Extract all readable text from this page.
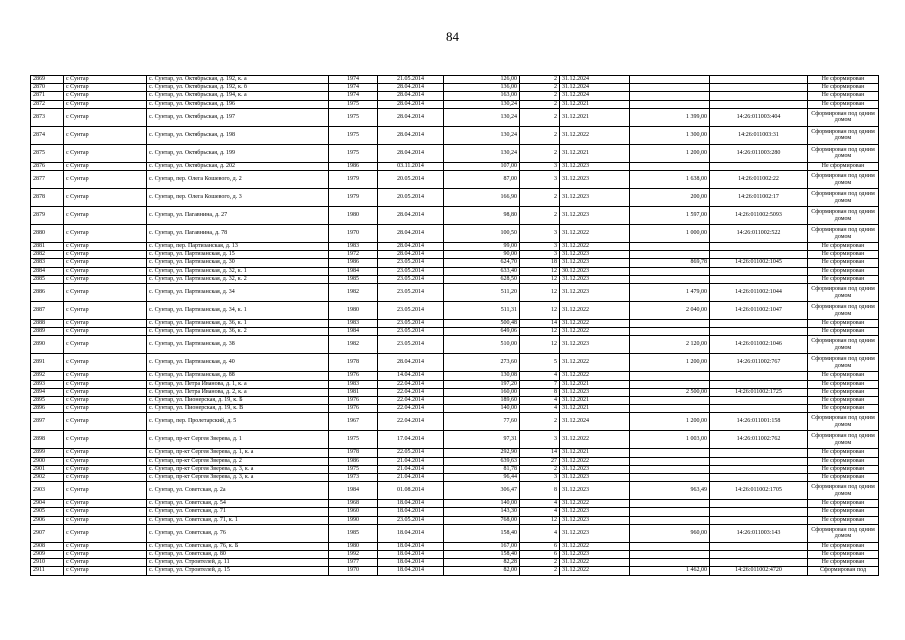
84
2869	с Сунтар	с. Сунтар, ул. Октябрьская, д. 192, к. а	1974	21.05.2014	126,00	2	31.12.2024			Не сформирован
2870	с Сунтар	с. Сунтар, ул. Октябрьская, д. 192, к. б	1974	28.04.2014	136,00	2	31.12.2024			Не сформирован
2871	с Сунтар	с. Сунтар, ул. Октябрьская, д. 194, к. а	1974	28.04.2014	163,00	2	31.12.2024			Не сформирован
2872	с Сунтар	с. Сунтар, ул. Октябрьская, д. 196	1975	28.04.2014	130,24	2	31.12.2021			Не сформирован
2873	с Сунтар	с. Сунтар, ул. Октябрьская, д. 197	1975	28.04.2014	130,24	2	31.12.2021	1 399,00	14:26:011003:404	Сформирован под одним домом
2874	с Сунтар	с. Сунтар, ул. Октябрьская, д. 198	1975	28.04.2014	130,24	2	31.12.2022	1 300,00	14:26:011003:31	Сформирован под одним домом
2875	с Сунтар	с. Сунтар, ул. Октябрьская, д. 199	1975	28.04.2014	130,24	2	31.12.2021	1 200,00	14:26:011003:280	Сформирован под одним домом
2876	с Сунтар	с. Сунтар, ул. Октябрьская, д. 202	1986	03.11.2014	107,00	3	31.12.2023			Не сформирован
2877	с Сунтар	с. Сунтар, пер. Олега Кошевого, д. 2	1979	20.05.2014	87,00	3	31.12.2023	1 638,00	14:26:011002:22	Сформирован под одним домом
2878	с Сунтар	с. Сунтар, пер. Олега Кошевого, д. 3	1979	20.05.2014	166,90	2	31.12.2023	200,00	14:26:011002:17	Сформирован под одним домом
2879	с Сунтар	с. Сунтар, ул. Пагавнина, д. 27	1980	28.04.2014	98,80	2	31.12.2023	1 597,00	14:26:011002:5093	Сформирован под одним домом
2880	с Сунтар	с. Сунтар, ул. Пагавнина, д. 78	1970	28.04.2014	100,50	3	31.12.2022	1 000,00	14:26:011002:522	Сформирован под одним домом
2881	с Сунтар	с. Сунтар, пер. Партизанская, д. 13	1983	28.04.2014	99,00	3	31.12.2022			Не сформирован
2882	с Сунтар	с. Сунтар, ул. Партизанская, д. 15	1972	28.04.2014	90,00	3	31.12.2023			Не сформирован
2883	с Сунтар	с. Сунтар, ул. Партизанская, д. 30	1986	23.05.2014	624,70	18	31.12.2023	869,78	14:26:011002:1045	Не сформирован
2884	с Сунтар	с. Сунтар, ул. Партизанская, д. 32, к. 1	1984	23.05.2014	633,40	12	30.12.2023			Не сформирован
2885	с Сунтар	с. Сунтар, ул. Партизанская, д. 32, к. 2	1985	23.05.2014	628,50	12	31.12.2023			Не сформирован
2886	с Сунтар	с. Сунтар, ул. Партизанская, д. 34	1982	23.05.2014	511,20	12	31.12.2023	1 479,00	14:26:011002:1044	Сформирован под одним домом
2887	с Сунтар	с. Сунтар, ул. Партизанская, д. 34, к. 1	1980	23.05.2014	511,31	12	31.12.2022	2 040,00	14:26:011002:1047	Сформирован под одним домом
2888	с Сунтар	с. Сунтар, ул. Партизанская, д. 36, к. 1	1983	23.05.2014	500,48	14	31.12.2022			Не сформирован
2889	с Сунтар	с. Сунтар, ул. Партизанская, д. 36, к. 2	1984	23.05.2014	649,06	12	31.12.2022			Не сформирован
2890	с Сунтар	с. Сунтар, ул. Партизанская, д. 38	1982	23.05.2014	510,00	12	31.12.2023	2 120,00	14:26:011002:1046	Сформирован под одним домом
2891	с Сунтар	с. Сунтар, ул. Партизанская, д. 40	1978	28.04.2014	273,60	5	31.12.2022	1 200,00	14:26:011002:767	Сформирован под одним домом
2892	с Сунтар	с. Сунтар, ул. Партизанская, д. 88	1976	14.04.2014	130,08	4	31.12.2022			Не сформирован
2893	с Сунтар	с. Сунтар, ул. Петра Иванова, д. 1, к. а	1983	22.04.2014	197,20	7	31.12.2021			Не сформирован
2894	с Сунтар	с. Сунтар, ул. Петра Иванова, д. 2, к. а	1981	22.04.2014	160,00	8	31.12.2023	2 500,00	14:26:011002:1725	Не сформирован
2895	с Сунтар	с. Сунтар, ул. Пионерская, д. 19, к. Б	1976	22.04.2014	189,60	4	31.12.2021			Не сформирован
2896	с Сунтар	с. Сунтар, ул. Пионерская, д. 19, к. В	1976	22.04.2014	140,00	4	31.12.2021			Не сформирован
2897	с Сунтар	с. Сунтар, пер. Пролетарский, д. 5	1967	22.04.2014	77,60	2	31.12.2024	1 200,00	14:26:011001:158	Сформирован под одним домом
2898	с Сунтар	с. Сунтар, пр-кт Сергея Зверева, д. 1	1975	17.04.2014	97,31	3	31.12.2022	1 003,00	14:26:011002:762	Сформирован под одним домом
2899	с Сунтар	с. Сунтар, пр-кт Сергея Зверева, д. 1, к. а	1978	22.05.2014	292,90	14	31.12.2021			Не сформирован
2900	с Сунтар	с. Сунтар, пр-кт Сергея Зверева, д. 2	1986	21.04.2014	639,63	27	31.12.2022			Не сформирован
2901	с Сунтар	с. Сунтар, пр-кт Сергея Зверева, д. 3, к. а	1975	21.04.2014	81,78	2	31.12.2023			Не сформирован
2902	с Сунтар	с. Сунтар, пр-кт Сергея Зверева, д. 3, к. а	1973	21.04.2014	96,44	3	31.12.2023			Не сформирован
2903	с Сунтар	с. Сунтар, ул. Советская, д. 2а	1984	01.08.2014	306,47	8	31.12.2023	963,49	14:26:011002:1705	Сформирован под одним домом
2904	с Сунтар	с. Сунтар, ул. Советская, д. 54	1968	18.04.2014	140,00	4	31.12.2022			Не сформирован
2905	с Сунтар	с. Сунтар, ул. Советская, д. 71	1960	18.04.2014	143,30	4	31.12.2023			Не сформирован
2906	с Сунтар	с. Сунтар, ул. Советская, д. 71, к. 1	1990	23.05.2014	768,00	12	31.12.2023			Не сформирован
2907	с Сунтар	с. Сунтар, ул. Советская, д. 76	1985	18.04.2014	158,40	4	31.12.2023	960,00	14:26:011003:143	Сформирован под одним домом
2908	с Сунтар	с. Сунтар, ул. Советская, д. 76, к. Б	1980	18.04.2014	167,00	6	31.12.2022			Не сформирован
2909	с Сунтар	с. Сунтар, ул. Советская, д. 80	1992	18.04.2014	158,40	6	31.12.2023			Не сформирован
2910	с Сунтар	с. Сунтар, ул. Строителей, д. 11	1977	18.04.2014	82,28	2	31.12.2022			Не сформирован
2911	с Сунтар	с. Сунтар, ул. Строителей, д. 15	1970	18.04.2014	82,00	2	31.12.2022	1 462,00	14:26:011002:4720	Сформирован под
